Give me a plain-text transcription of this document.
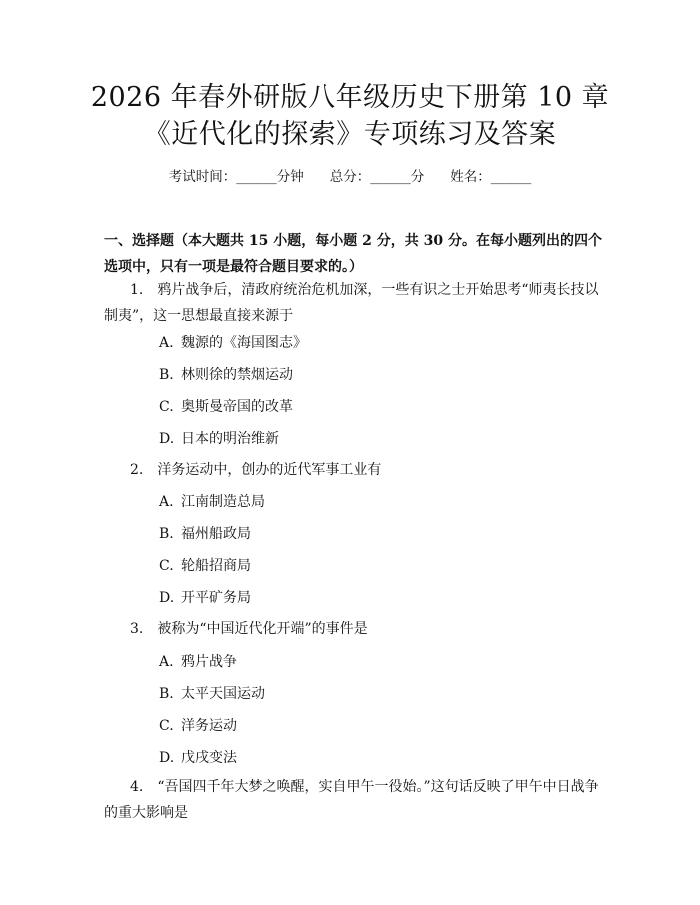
2026 年春外研版八年级历史下册第 10 章
《近代化的探索》专项练习及答案
考试时间：______分钟 总分：______分 姓名：______
一、选择题（本大题共 15 小题，每小题 2 分，共 30 分。在每小题列出的四个选项中，只有一项是最符合题目要求的。）
1.　鸦片战争后，清政府统治危机加深，一些有识之士开始思考“师夷长技以制夷”，这一思想最直接来源于
A. 魏源的《海国图志》
B. 林则徐的禁烟运动
C. 奥斯曼帝国的改革
D. 日本的明治维新
2.　洋务运动中，创办的近代军事工业有
A. 江南制造总局
B. 福州船政局
C. 轮船招商局
D. 开平矿务局
3.　被称为“中国近代化开端”的事件是
A. 鸦片战争
B. 太平天国运动
C. 洋务运动
D. 戊戌变法
4.　“吾国四千年大梦之唤醒，实自甲午一役始。”这句话反映了甲午中日战争的重大影响是
